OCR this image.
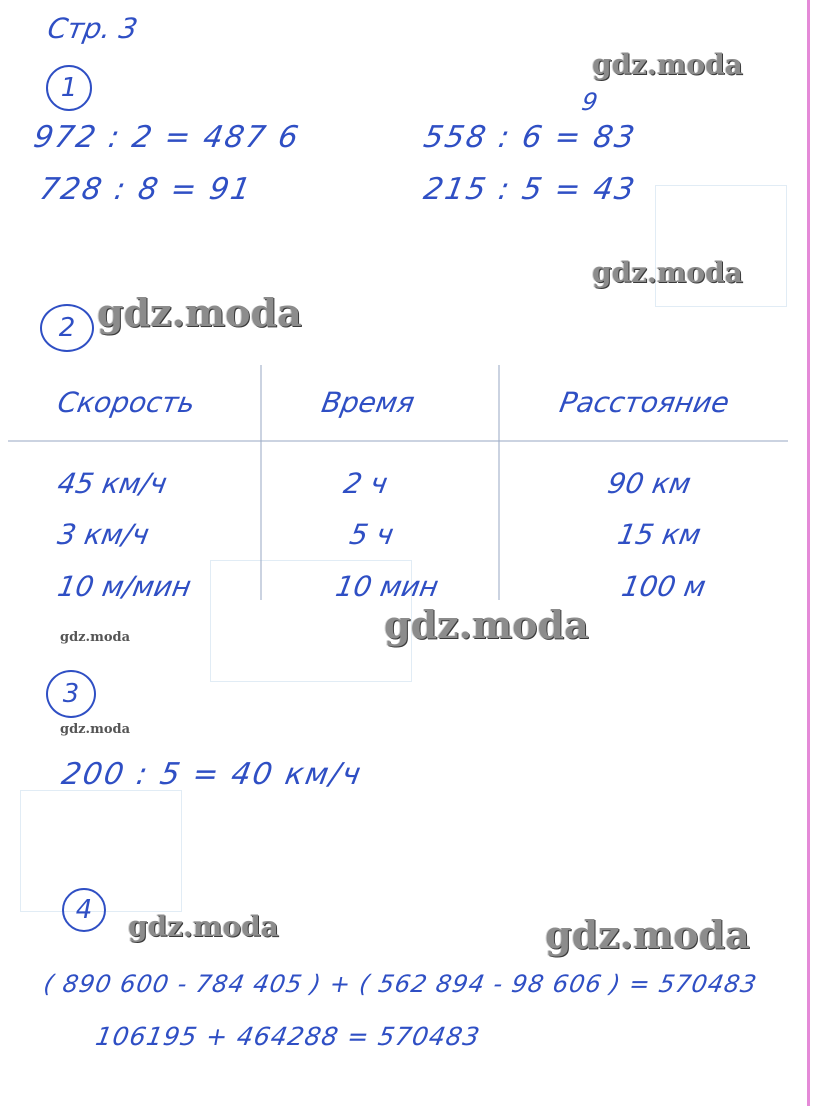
Стр. 3
gdz.moda
gdz.moda
gdz.moda
gdz.moda	gdz.moda
gdz.moda
gdz.moda	gdz.moda
1
972 : 2 = 487 6
728 : 8 = 91
9
558 : 6 = 83
215 : 5 = 43
2
Скорость	Время	Расстояние
45 км/ч	2 ч	90 км
3 км/ч	5 ч	15 км
10 м/мин	10 мин	100 м
3
200 : 5 = 40 км/ч
4
( 890 600 - 784 405 ) + ( 562 894 - 98 606 ) = 570483
106195 + 464288 = 570483
